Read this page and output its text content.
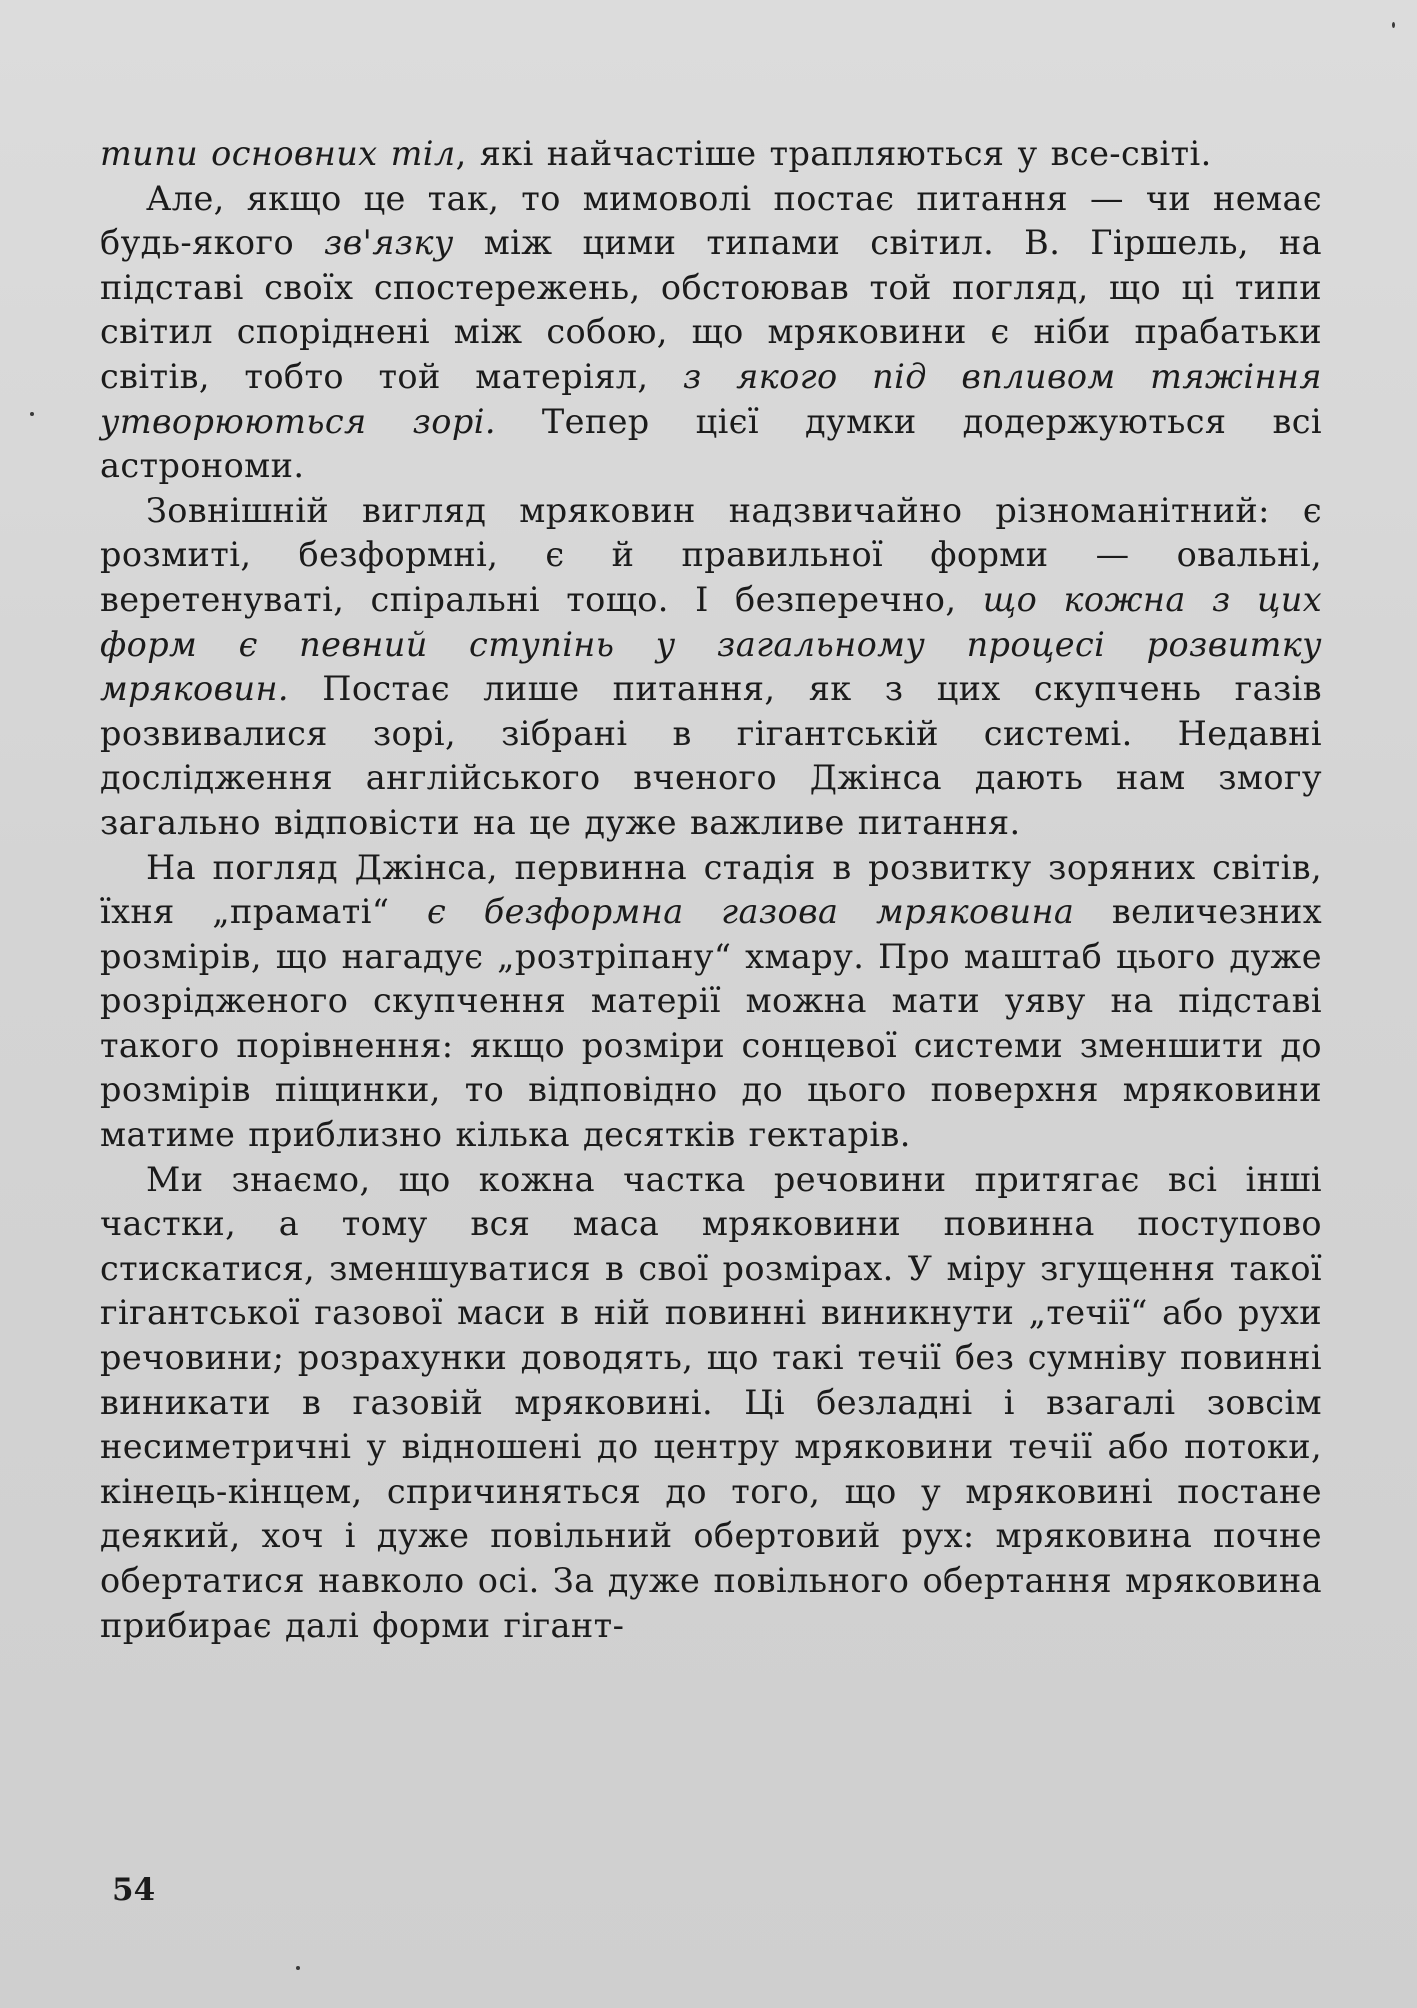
типи основних тіл, які найчастіше трапляються у все-світі.

Але, якщо це так, то мимоволі постає питання — чи немає будь-якого зв'язку між цими типами світил. В. Гіршель, на підставі своїх спостережень, обстоював той погляд, що ці типи світил споріднені між собою, що мряковини є ніби прабатьки світів, тобто той матеріял, з якого під впливом тяжіння утворюються зорі. Тепер цієї думки додержуються всі астрономи.

Зовнішній вигляд мряковин надзвичайно різноманітний: є розмиті, безформні, є й правильної форми — овальні, веретенуваті, спіральні тощо. І безперечно, що кожна з цих форм є певний ступінь у загальному процесі розвитку мряковин. Постає лише питання, як з цих скупчень газів розвивалися зорі, зібрані в гігантській системі. Недавні дослідження англійського вченого Джінса дають нам змогу загально відповісти на це дуже важливе питання.

На погляд Джінса, первинна стадія в розвитку зоряних світів, їхня „праматі“ є безформна газова мряковина величезних розмірів, що нагадує „розтріпану“ хмару. Про маштаб цього дуже розрідженого скупчення матерії можна мати уяву на підставі такого порівнення: якщо розміри сонцевої системи зменшити до розмірів піщинки, то відповідно до цього поверхня мряковини матиме приблизно кілька десятків гектарів.

Ми знаємо, що кожна частка речовини притягає всі інші частки, а тому вся маса мряковини повинна поступово стискатися, зменшуватися в свої розмірах. У міру згущення такої гігантської газової маси в ній повинні виникнути „течії“ або рухи речовини; розрахунки доводять, що такі течії без сумніву повинні виникати в газовій мряковині. Ці безладні і взагалі зовсім несиметричні у відношені до центру мряковини течії або потоки, кінець-кінцем, спричиняться до того, що у мряковині постане деякий, хоч і дуже повільний обертовий рух: мряковина почне обертатися навколо осі. За дуже повільного обертання мряковина прибирає далі форми гігант-

54
